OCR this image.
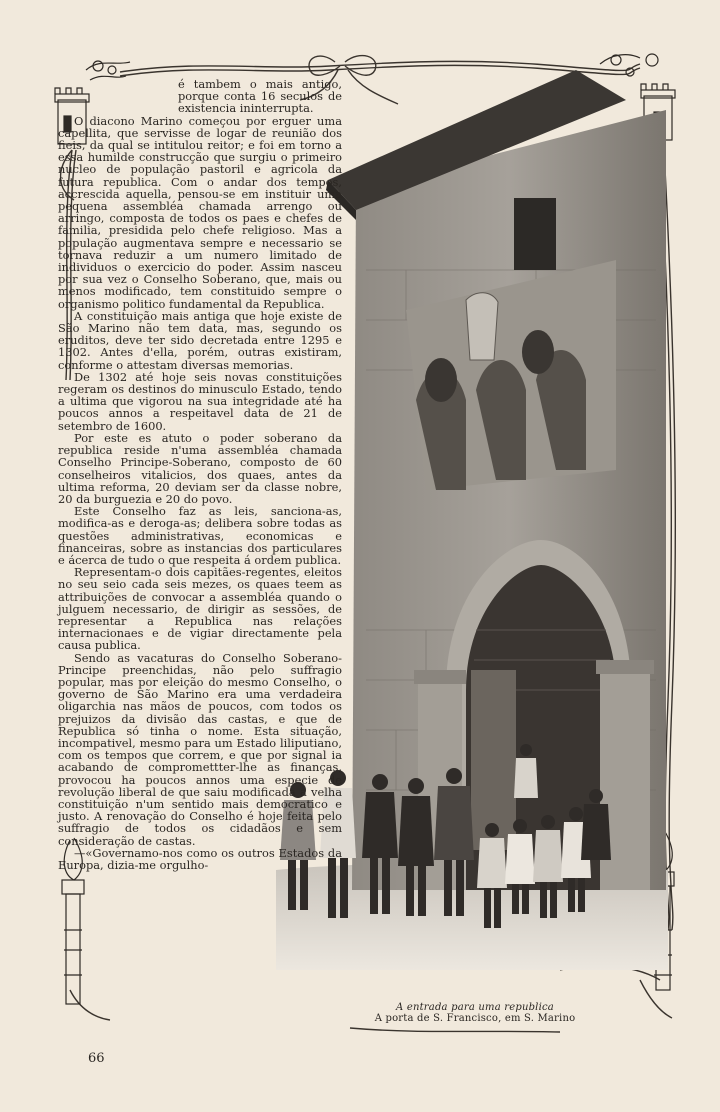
A entrada para uma republica
A porta de S. Francisco, em S. Marino

é tambem o mais antigo, porque conta 16 seculos de existencia ininterrupta.

O diacono Marino começou por erguer uma capellita, que servisse de logar de reunião dos fieis, da qual se intitulou reitor; e foi em torno a essa humilde construcção que surgiu o primeiro nucleo de população pastoril e agricola da futura republica. Com o andar dos tempos, accrescida aquella, pensou-se em instituir uma pequena assembléa chamada arrengo ou arringo, composta de todos os paes e chefes de familia, presidida pelo chefe religioso. Mas a população augmentava sempre e necessario se tornava reduzir a um numero limitado de individuos o exercicio do poder. Assim nasceu por sua vez o Conselho Soberano, que, mais ou menos modificado, tem constituido sempre o organismo politico fundamental da Republica.

A constituição mais antiga que hoje existe de São Marino não tem data, mas, segundo os eruditos, deve ter sido decretada entre 1295 e 1302. Antes d'ella, porém, outras existiram, conforme o attestam diversas memorias.

De 1302 até hoje seis novas constituições regeram os destinos do minusculo Estado, tendo a ultima que vigorou na sua integridade até ha poucos annos a respeitavel data de 21 de setembro de 1600.

Por este es atuto o poder soberano da republica reside n'uma assembléa chamada Conselho Principe-Soberano, composto de 60 conselheiros vitalicios, dos quaes, antes da ultima reforma, 20 deviam ser da classe nobre, 20 da burguezia e 20 do povo.

Este Conselho faz as leis, sanciona-as, modifica-as e deroga-as; delibera sobre todas as questões administrativas, economicas e financeiras, sobre as instancias dos particulares e ácerca de tudo o que respeita á ordem publica.

Representam-o dois capitães-regentes, eleitos no seu seio cada seis mezes, os quaes teem as attribuições de convocar a assembléa quando o julguem necessario, de dirigir as sessões, de representar a Republica nas relações internacionaes e de vigiar directamente pela causa publica.

Sendo as vacaturas do Conselho Soberano-Principe preenchidas, não pelo suffragio popular, mas por eleição do mesmo Conselho, o governo de São Marino era uma verdadeira oligarchia nas mãos de poucos, com todos os prejuizos da divisão das castas, e que de Republica só tinha o nome. Esta situação, incompativel, mesmo para um Estado liliputiano, com os tempos que correm, e que por signal ia acabando de compromettter-lhe as finanças, provocou ha poucos annos uma especie de revolução liberal de que saiu modificada a velha constituição n'um sentido mais democratico e justo. A renovação do Conselho é hoje feita pelo suffragio de todos os cidadãos e sem consideração de castas.

—«Governamo-nos como os outros Estados da Europa, dizia-me orgulho-

66
